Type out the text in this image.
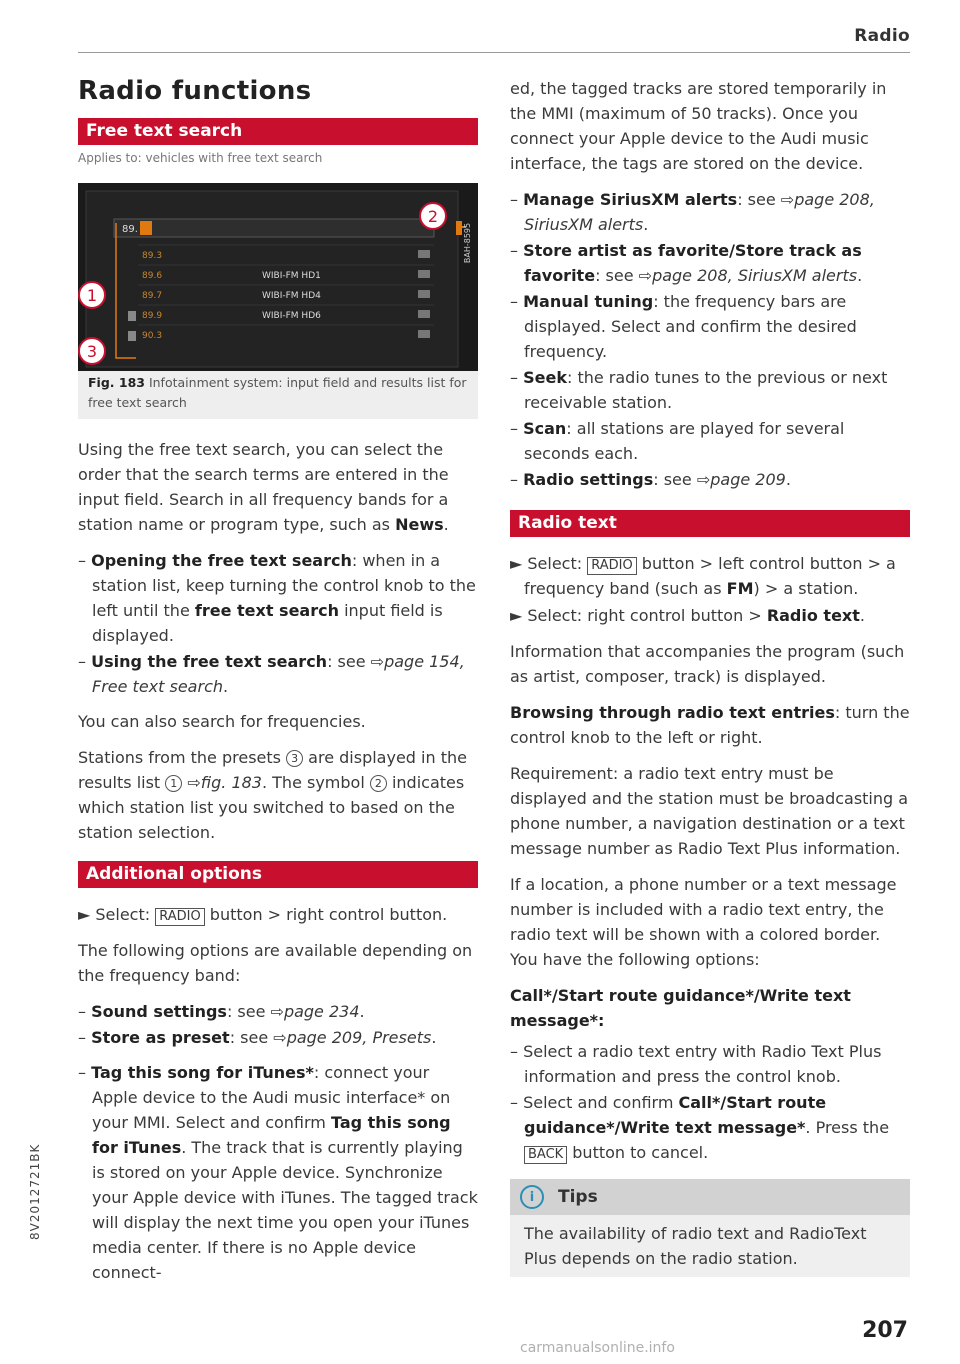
Radio
8V2012721BK
Radio functions
Free text search
Applies to: vehicles with free text search
89.
89.3
89.6
89.7
89.9
90.3
WIBI-FM HD1
WIBI-FM HD4
WIBI-FM HD6
2
1
3
BAH-8595
Fig. 183 Infotainment system: input field and results list for free text search

Using the free text search, you can select the order that the search terms are entered in the input field. Search in all frequency bands for a station name or program type, such as News.

– Opening the free text search: when in a station list, keep turning the control knob to the left until the free text search input field is displayed.
– Using the free text search: see ⇨page 154, Free text search.

You can also search for frequencies.

Stations from the presets 3 are displayed in the results list 1 ⇨fig. 183. The symbol 2 indicates which station list you switched to based on the station selection.

Additional options
► Select: RADIO button > right control button.

The following options are available depending on the frequency band:

– Sound settings: see ⇨page 234.
– Store as preset: see ⇨page 209, Presets.
– Tag this song for iTunes*: connect your Apple device to the Audi music interface* on your MMI. Select and confirm Tag this song for iTunes. The track that is currently playing is stored on your Apple device. Synchronize your Apple device with iTunes. The tagged track will display the next time you open your iTunes media center. If there is no Apple device connect-

ed, the tagged tracks are stored temporarily in the MMI (maximum of 50 tracks). Once you connect your Apple device to the Audi music interface, the tags are stored on the device.

– Manage SiriusXM alerts: see ⇨page 208, SiriusXM alerts.
– Store artist as favorite/Store track as favorite: see ⇨page 208, SiriusXM alerts.
– Manual tuning: the frequency bars are displayed. Select and confirm the desired frequency.
– Seek: the radio tunes to the previous or next receivable station.
– Scan: all stations are played for several seconds each.
– Radio settings: see ⇨page 209.
Radio text
► Select: RADIO button > left control button > a frequency band (such as FM) > a station.
► Select: right control button > Radio text.

Information that accompanies the program (such as artist, composer, track) is displayed.

Browsing through radio text entries: turn the control knob to the left or right.

Requirement: a radio text entry must be displayed and the station must be broadcasting a phone number, a navigation destination or a text message number as Radio Text Plus information.

If a location, a phone number or a text message number is included with a radio text entry, the radio text will be shown with a colored border. You have the following options:

Call*/Start route guidance*/Write text message*:

– Select a radio text entry with Radio Text Plus information and press the control knob.
– Select and confirm Call*/Start route guidance*/Write text message*. Press the BACK button to cancel.
i	Tips
The availability of radio text and RadioText Plus depends on the radio station.
207
carmanualsonline.info
